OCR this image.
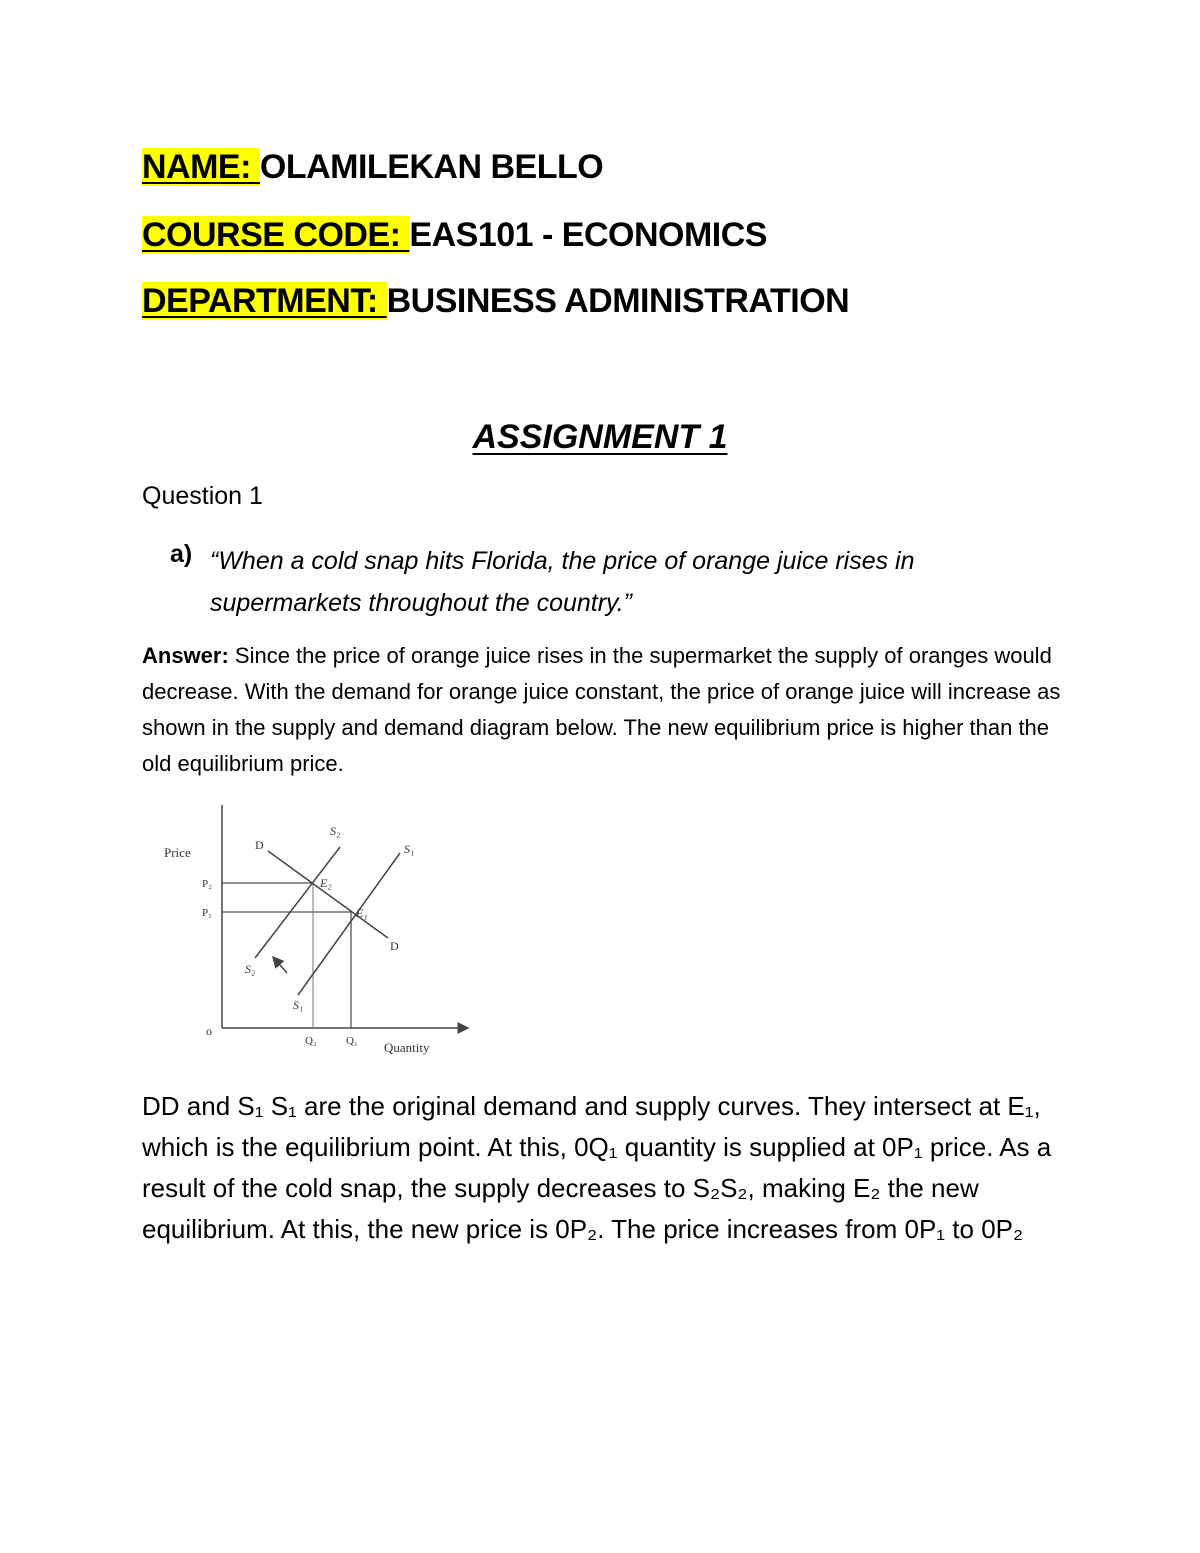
NAME: OLAMILEKAN BELLO
COURSE CODE: EAS101 - ECONOMICS
DEPARTMENT: BUSINESS ADMINISTRATION
ASSIGNMENT 1
Question 1
a) “When a cold snap hits Florida, the price of orange juice rises in supermarkets throughout the country.”
Answer: Since the price of orange juice rises in the supermarket the supply of oranges would decrease. With the demand for orange juice constant, the price of orange juice will increase as shown in the supply and demand diagram below. The new equilibrium price is higher than the old equilibrium price.
Price
Quantity
o
P₂
P₁
Q₂	Q₁
D
D
S₂
S₁
S₂
S₁
E₂
E₁
DD and S₁ S₁ are the original demand and supply curves. They intersect at E₁, which is the equilibrium point. At this, 0Q₁ quantity is supplied at 0P₁ price. As a result of the cold snap, the supply decreases to S₂S₂, making E₂ the new equilibrium. At this, the new price is 0P₂. The price increases from 0P₁ to 0P₂
